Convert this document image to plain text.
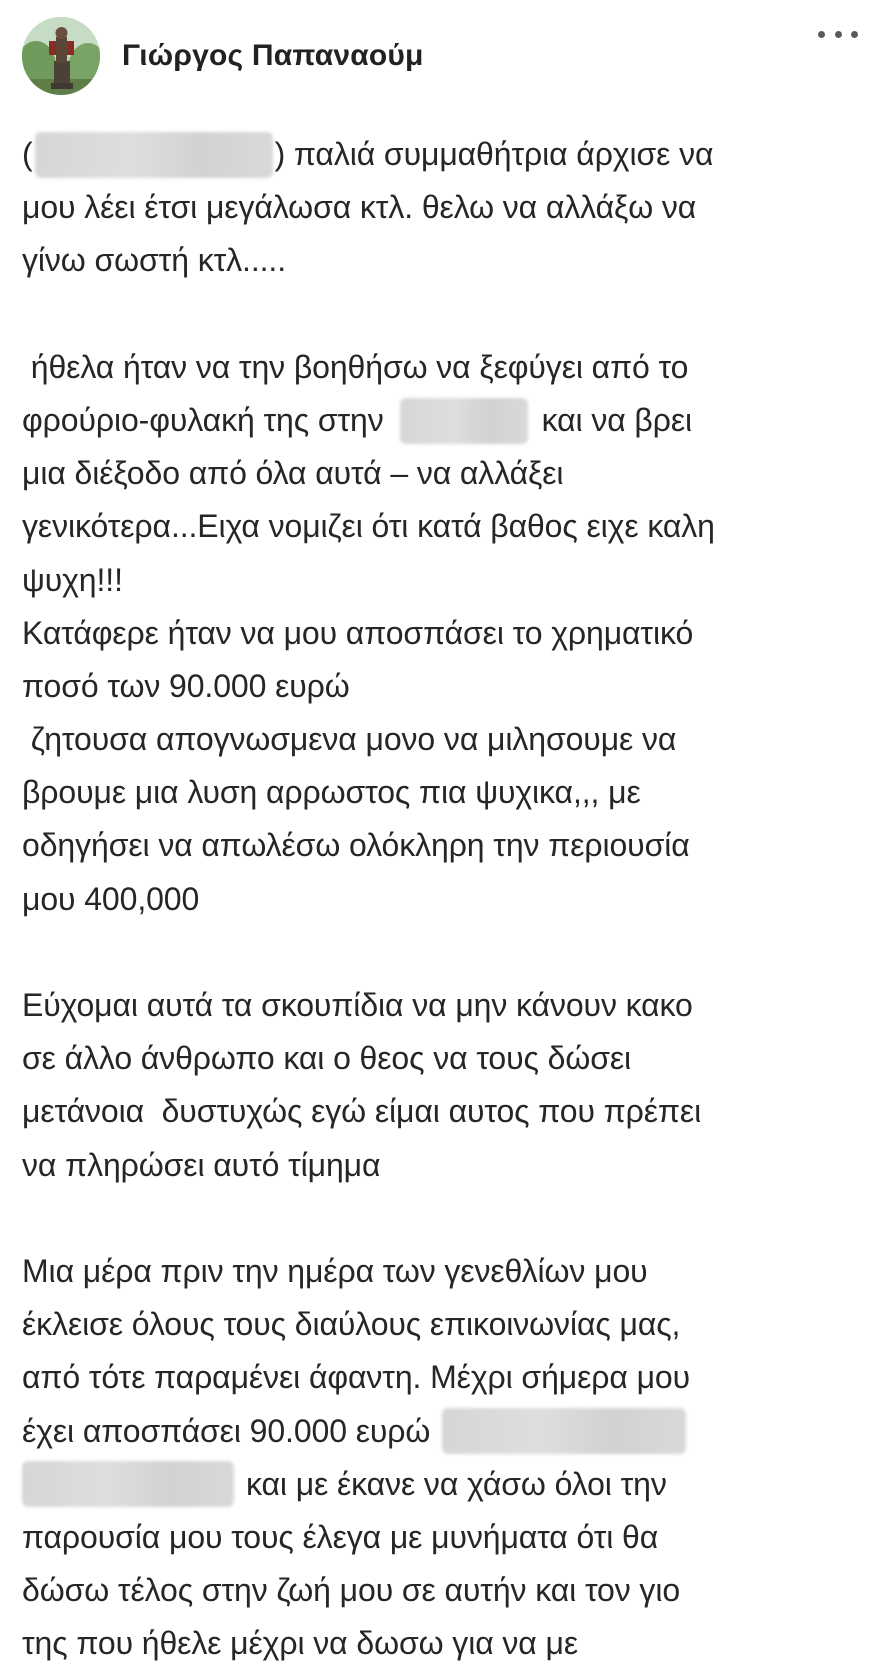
Γιώργος Παπαναούμ
(	) παλιά συμμαθήτρια άρχισε να
μου λέει έτσι μεγάλωσα κτλ. θελω να αλλάξω να
γίνω σωστή κτλ.....
ήθελα ήταν να την βοηθήσω να ξεφύγει από το
φρούριο-φυλακή της στην	και να βρει
μια διέξοδο από όλα αυτά – να αλλάξει
γενικότερα...Ειχα νομιζει ότι κατά βαθος ειχε καλη
ψυχη!!!
Κατάφερε ήταν να μου αποσπάσει το χρηματικό
ποσό των 90.000 ευρώ
ζητουσα απογνωσμενα μονο να μιλησουμε να
βρουμε μια λυση αρρωστος πια ψυχικα,,, με
οδηγήσει να απωλέσω ολόκληρη την περιουσία
μου 400,000
Εύχομαι αυτά τα σκουπίδια να μην κάνουν κακο
σε άλλο άνθρωπο και ο θεος να τους δώσει
μετάνοια  δυστυχώς εγώ είμαι αυτος που πρέπει
να πληρώσει αυτό τίμημα
Μια μέρα πριν την ημέρα των γενεθλίων μου
έκλεισε όλους τους διαύλους επικοινωνίας μας,
από τότε παραμένει άφαντη. Μέχρι σήμερα μου
έχει αποσπάσει 90.000 ευρώ
και με έκανε να χάσω όλοι την
παρουσία μου τους έλεγα με μυνήματα ότι θα
δώσω τέλος στην ζωή μου σε αυτήν και τον γιο
της που ήθελε μέχρι να δωσω για να με
